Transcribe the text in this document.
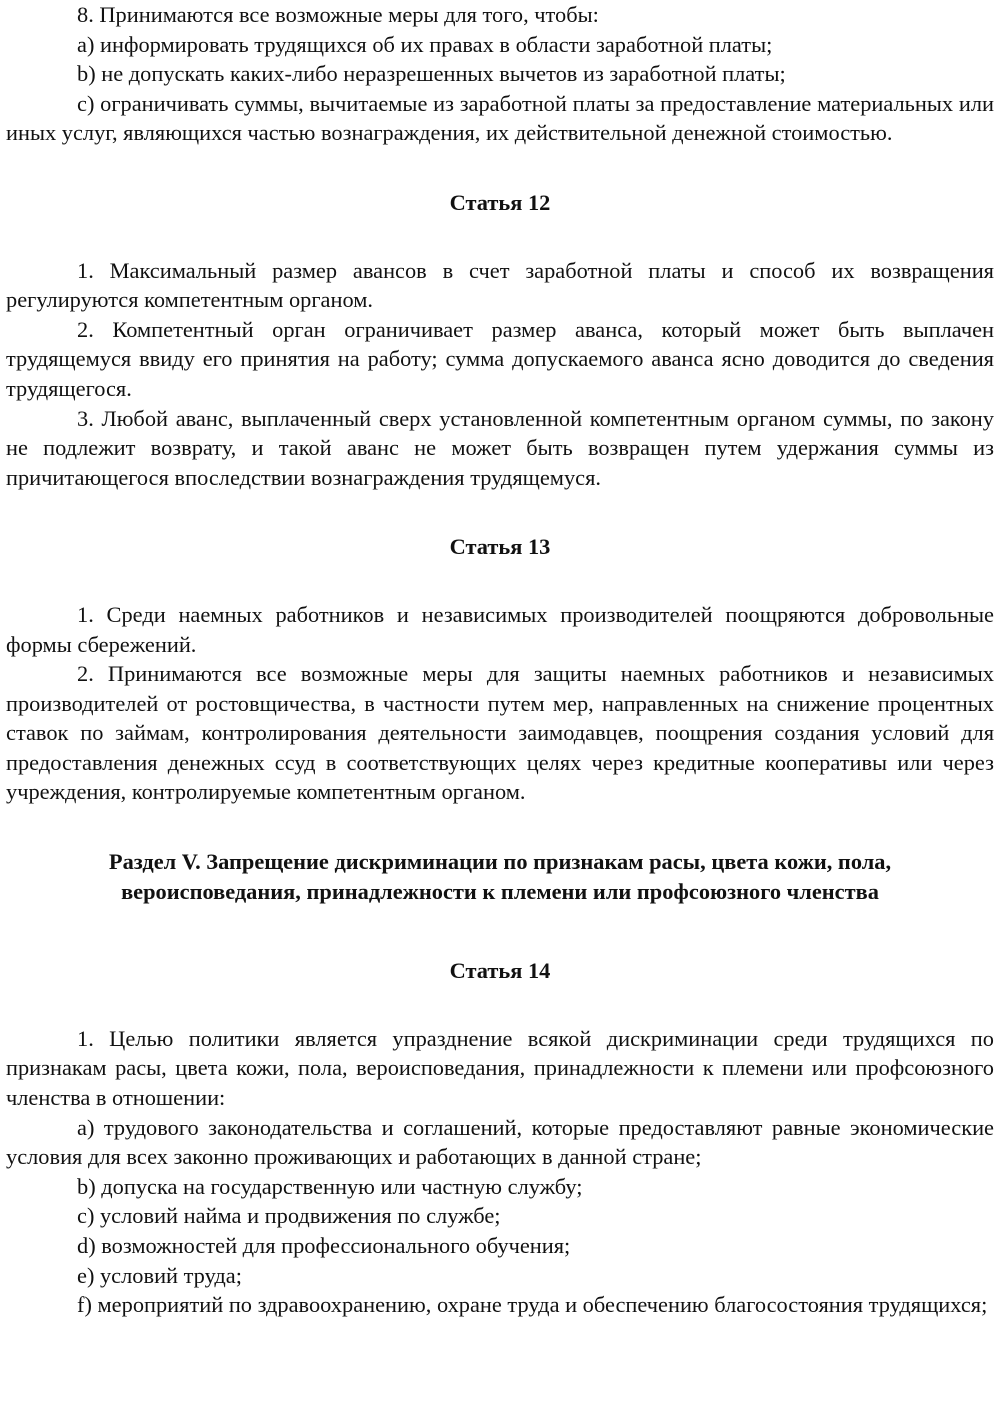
8. Принимаются все возможные меры для того, чтобы:

a) информировать трудящихся об их правах в области заработной платы;

b) не допускать каких-либо неразрешенных вычетов из заработной платы;

c) ограничивать суммы, вычитаемые из заработной платы за предоставление материальных или иных услуг, являющихся частью вознаграждения, их действительной денежной стоимостью.

Статья 12

1. Максимальный размер авансов в счет заработной платы и способ их возвращения регулируются компетентным органом.

2. Компетентный орган ограничивает размер аванса, который может быть выплачен трудящемуся ввиду его принятия на работу; сумма допускаемого аванса ясно доводится до сведения трудящегося.

3. Любой аванс, выплаченный сверх установленной компетентным органом суммы, по закону не подлежит возврату, и такой аванс не может быть возвращен путем удержания суммы из причитающегося впоследствии вознаграждения трудящемуся.

Статья 13

1. Среди наемных работников и независимых производителей поощряются добровольные формы сбережений.

2. Принимаются все возможные меры для защиты наемных работников и независимых производителей от ростовщичества, в частности путем мер, направленных на снижение процентных ставок по займам, контролирования деятельности заимодавцев, поощрения создания условий для предоставления денежных ссуд в соответствующих целях через кредитные кооперативы или через учреждения, контролируемые компетентным органом.

Раздел V. Запрещение дискриминации по признакам расы, цвета кожи, пола, вероисповедания, принадлежности к племени или профсоюзного членства

Статья 14

1. Целью политики является упразднение всякой дискриминации среди трудящихся по признакам расы, цвета кожи, пола, вероисповедания, принадлежности к племени или профсоюзного членства в отношении:

a) трудового законодательства и соглашений, которые предоставляют равные экономические условия для всех законно проживающих и работающих в данной стране;

b) допуска на государственную или частную службу;

c) условий найма и продвижения по службе;

d) возможностей для профессионального обучения;

e) условий труда;

f) мероприятий по здравоохранению, охране труда и обеспечению благосостояния трудящихся;
